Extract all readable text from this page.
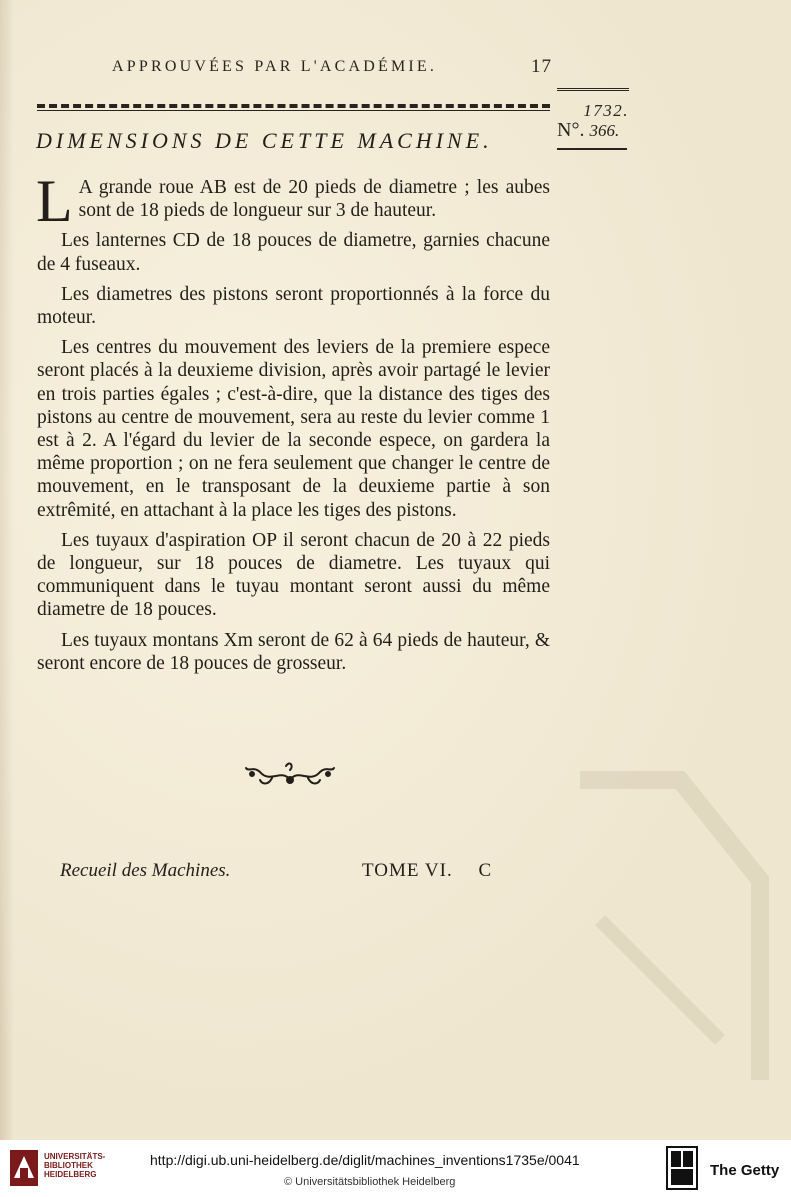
APPROUVÉES PAR L'ACADÉMIE.	17
1732.
N°. 366.
DIMENSIONS DE CETTE MACHINE.

L A grande roue AB est de 20 pieds de diametre ; les aubes sont de 18 pieds de longueur sur 3 de hauteur.

Les lanternes CD de 18 pouces de diametre, garnies chacune de 4 fuseaux.

Les diametres des pistons seront proportionnés à la force du moteur.

Les centres du mouvement des leviers de la premiere espece seront placés à la deuxieme division, après avoir partagé le levier en trois parties égales ; c'est-à-dire, que la distance des tiges des pistons au centre de mouvement, sera au reste du levier comme 1 est à 2. A l'égard du levier de la seconde espece, on gardera la même proportion ; on ne fera seulement que changer le centre de mouvement, en le transposant de la deuxieme partie à son extrêmité, en attachant à la place les tiges des pistons.

Les tuyaux d'aspiration OP il seront chacun de 20 à 22 pieds de longueur, sur 18 pouces de diametre. Les tuyaux qui communiquent dans le tuyau montant seront aussi du même diametre de 18 pouces.

Les tuyaux montans Xm seront de 62 à 64 pieds de hauteur, & seront encore de 18 pouces de grosseur.

Recueil des Machines.	TOME VI. C
UNIVERSITÄTS-
BIBLIOTHEK
HEIDELBERG
http://digi.ub.uni-heidelberg.de/diglit/machines_inventions1735e/0041
© Universitätsbibliothek Heidelberg
The Getty
